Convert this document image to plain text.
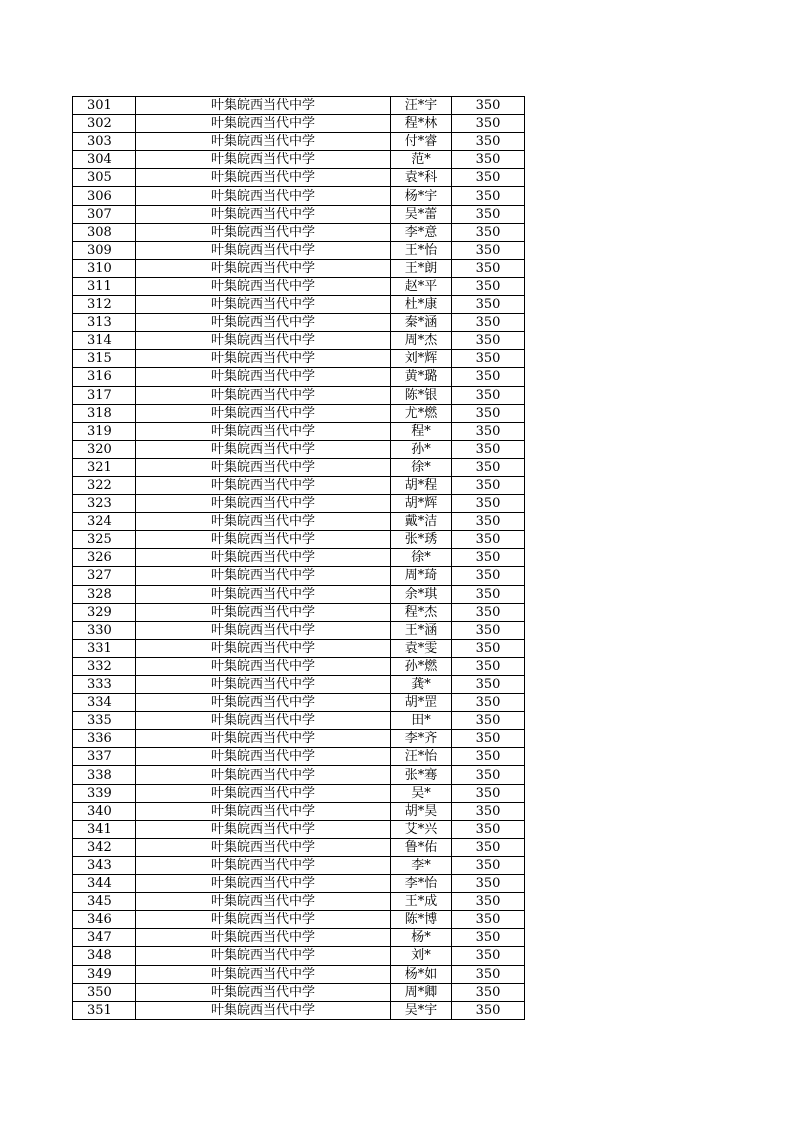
301	叶集皖西当代中学	汪*宇	350
302	叶集皖西当代中学	程*林	350
303	叶集皖西当代中学	付*睿	350
304	叶集皖西当代中学	范*	350
305	叶集皖西当代中学	袁*科	350
306	叶集皖西当代中学	杨*宇	350
307	叶集皖西当代中学	吴*蕾	350
308	叶集皖西当代中学	李*意	350
309	叶集皖西当代中学	王*怡	350
310	叶集皖西当代中学	王*朗	350
311	叶集皖西当代中学	赵*平	350
312	叶集皖西当代中学	杜*康	350
313	叶集皖西当代中学	秦*涵	350
314	叶集皖西当代中学	周*杰	350
315	叶集皖西当代中学	刘*辉	350
316	叶集皖西当代中学	黄*璐	350
317	叶集皖西当代中学	陈*银	350
318	叶集皖西当代中学	尤*燃	350
319	叶集皖西当代中学	程*	350
320	叶集皖西当代中学	孙*	350
321	叶集皖西当代中学	徐*	350
322	叶集皖西当代中学	胡*程	350
323	叶集皖西当代中学	胡*辉	350
324	叶集皖西当代中学	戴*洁	350
325	叶集皖西当代中学	张*琇	350
326	叶集皖西当代中学	徐*	350
327	叶集皖西当代中学	周*琦	350
328	叶集皖西当代中学	余*琪	350
329	叶集皖西当代中学	程*杰	350
330	叶集皖西当代中学	王*涵	350
331	叶集皖西当代中学	袁*雯	350
332	叶集皖西当代中学	孙*燃	350
333	叶集皖西当代中学	龚*	350
334	叶集皖西当代中学	胡*罡	350
335	叶集皖西当代中学	田*	350
336	叶集皖西当代中学	李*齐	350
337	叶集皖西当代中学	汪*怡	350
338	叶集皖西当代中学	张*骞	350
339	叶集皖西当代中学	吴*	350
340	叶集皖西当代中学	胡*昊	350
341	叶集皖西当代中学	艾*兴	350
342	叶集皖西当代中学	鲁*佑	350
343	叶集皖西当代中学	李*	350
344	叶集皖西当代中学	李*怡	350
345	叶集皖西当代中学	王*成	350
346	叶集皖西当代中学	陈*博	350
347	叶集皖西当代中学	杨*	350
348	叶集皖西当代中学	刘*	350
349	叶集皖西当代中学	杨*如	350
350	叶集皖西当代中学	周*卿	350
351	叶集皖西当代中学	吴*宇	350
